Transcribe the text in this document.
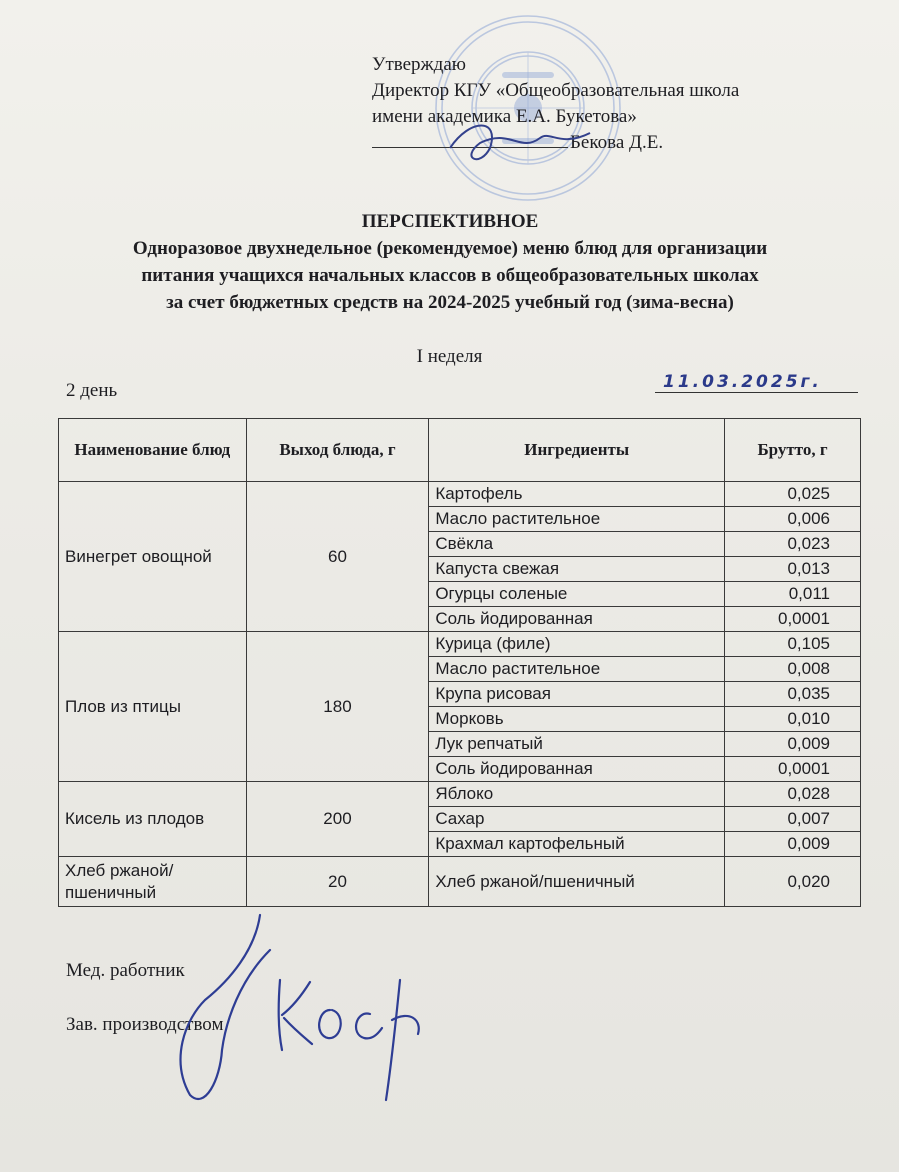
Утверждаю
Директор КГУ «Общеобразовательная школа
имени академика Е.А. Букетова»
Бекова Д.Е.
ПЕРСПЕКТИВНОЕ
Одноразовое двухнедельное (рекомендуемое) меню блюд для организации
питания учащихся начальных классов в общеобразовательных школах
за счет бюджетных средств на 2024-2025 учебный год (зима-весна)
I неделя
2 день	11.03.2025г.
Наименование блюд	Выход блюда, г	Ингредиенты	Брутто, г
Винегрет овощной	60	Картофель	0,025
		Масло растительное	0,006
		Свёкла	0,023
		Капуста свежая	0,013
		Огурцы соленые	0,011
		Соль йодированная	0,0001
Плов из птицы	180	Курица (филе)	0,105
		Масло растительное	0,008
		Крупа рисовая	0,035
		Морковь	0,010
		Лук репчатый	0,009
		Соль йодированная	0,0001
Кисель из плодов	200	Яблоко	0,028
		Сахар	0,007
		Крахмал картофельный	0,009
Хлеб ржаной/ пшеничный	20	Хлеб ржаной/пшеничный	0,020
Мед. работник
Зав. производством
